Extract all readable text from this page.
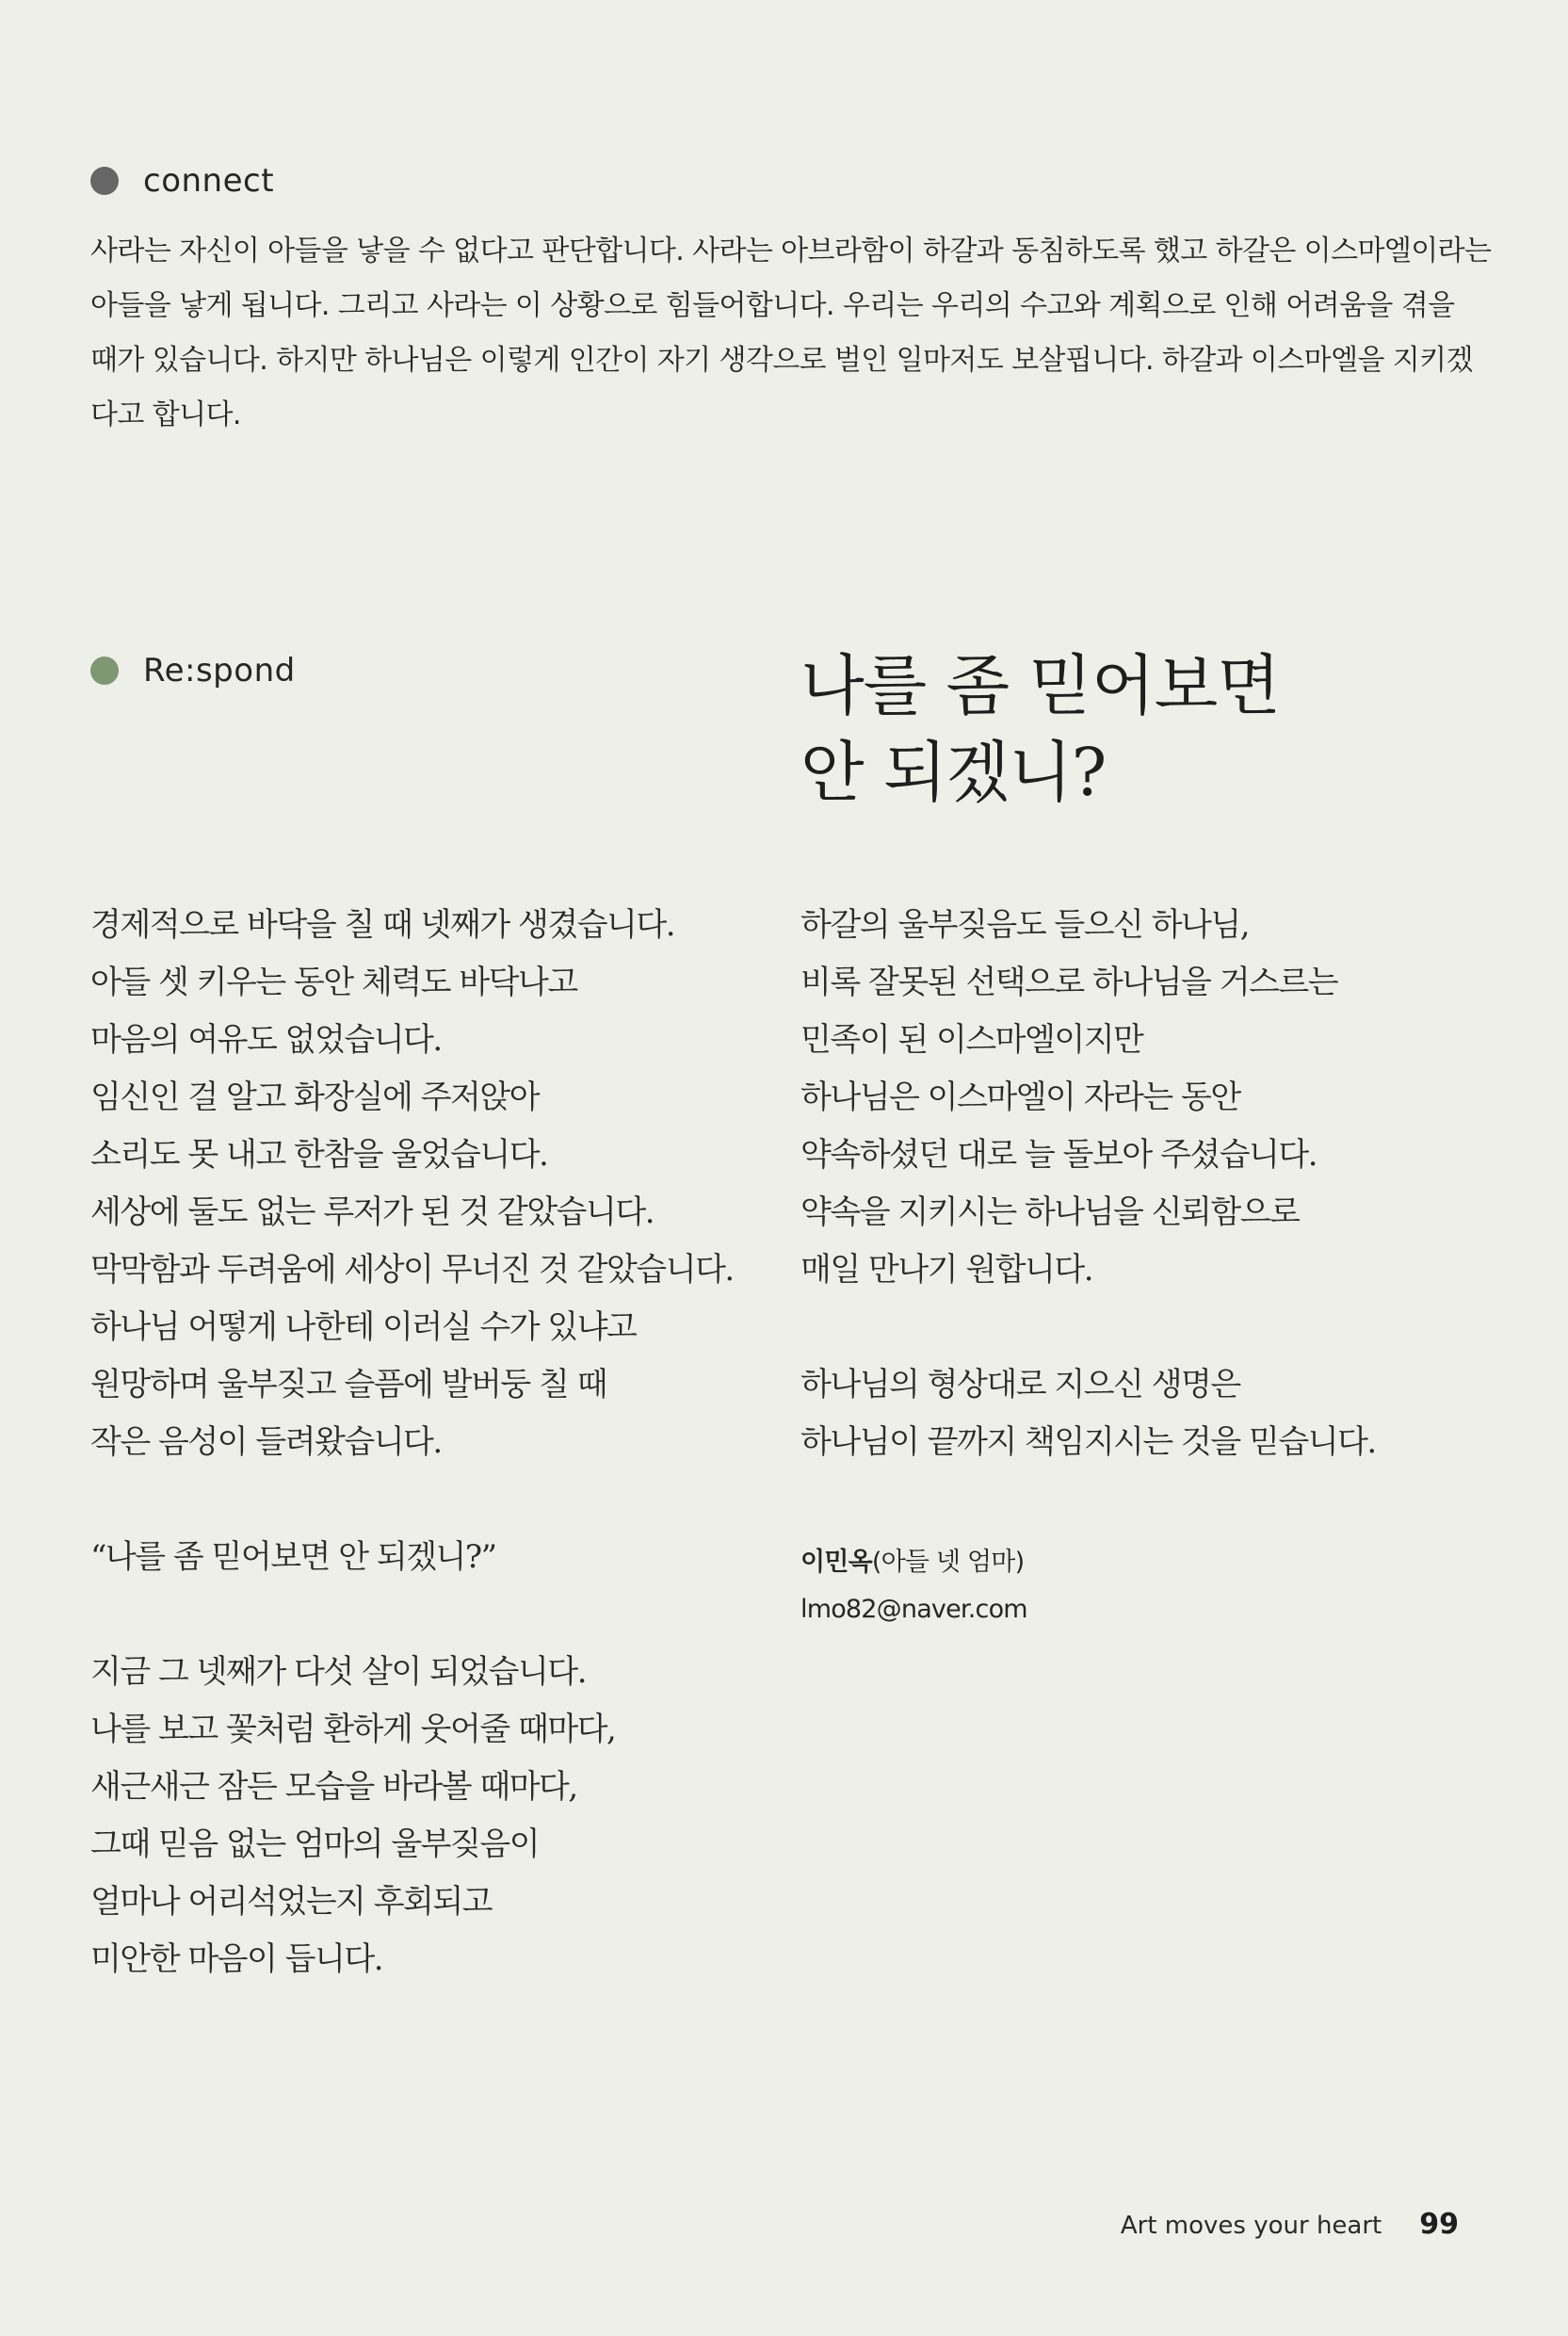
connect
사라는 자신이 아들을 낳을 수 없다고 판단합니다. 사라는 아브라함이 하갈과 동침하도록 했고 하갈은 이스마엘이라는
아들을 낳게 됩니다. 그리고 사라는 이 상황으로 힘들어합니다. 우리는 우리의 수고와 계획으로 인해 어려움을 겪을
때가 있습니다. 하지만 하나님은 이렇게 인간이 자기 생각으로 벌인 일마저도 보살핍니다. 하갈과 이스마엘을 지키겠
다고 합니다.
Re:spond	나를 좀 믿어보면
안 되겠니?
경제적으로 바닥을 칠 때 넷째가 생겼습니다.
아들 셋 키우는 동안 체력도 바닥나고
마음의 여유도 없었습니다.
임신인 걸 알고 화장실에 주저앉아
소리도 못 내고 한참을 울었습니다.
세상에 둘도 없는 루저가 된 것 같았습니다.
막막함과 두려움에 세상이 무너진 것 같았습니다.
하나님 어떻게 나한테 이러실 수가 있냐고
원망하며 울부짖고 슬픔에 발버둥 칠 때
작은 음성이 들려왔습니다.
“나를 좀 믿어보면 안 되겠니?”
지금 그 넷째가 다섯 살이 되었습니다.
나를 보고 꽃처럼 환하게 웃어줄 때마다,
새근새근 잠든 모습을 바라볼 때마다,
그때 믿음 없는 엄마의 울부짖음이
얼마나 어리석었는지 후회되고
미안한 마음이 듭니다.
하갈의 울부짖음도 들으신 하나님,
비록 잘못된 선택으로 하나님을 거스르는
민족이 된 이스마엘이지만
하나님은 이스마엘이 자라는 동안
약속하셨던 대로 늘 돌보아 주셨습니다.
약속을 지키시는 하나님을 신뢰함으로
매일 만나기 원합니다.
하나님의 형상대로 지으신 생명은
하나님이 끝까지 책임지시는 것을 믿습니다.
이민옥(아들 넷 엄마)
lmo82@naver.com
Art moves your heart 99
